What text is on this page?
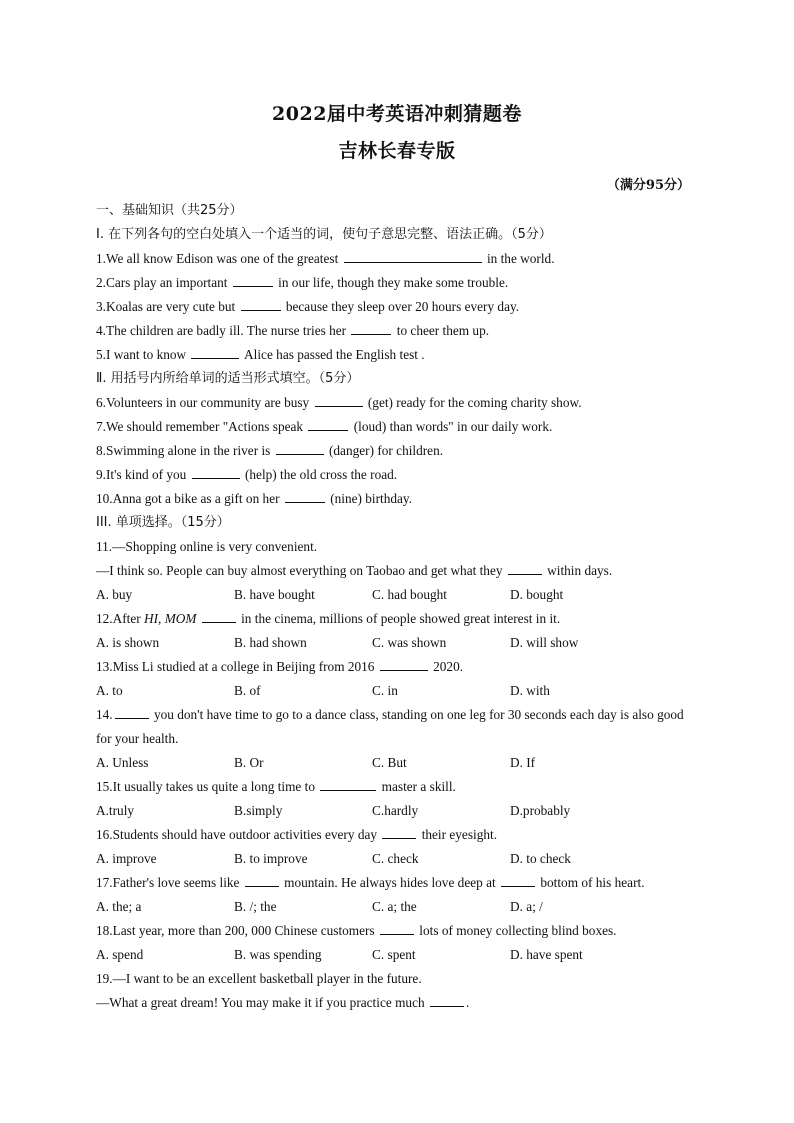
2022届中考英语冲刺猜题卷
吉林长春专版
（满分95分）
一、基础知识（共25分）
Ⅰ. 在下列各句的空白处填入一个适当的词，使句子意思完整、语法正确。（5分）
1.We all know Edison was one of the greatest	in the world.
2.Cars play an important	in our life, though they make some trouble.
3.Koalas are very cute but	because they sleep over 20 hours every day.
4.The children are badly ill. The nurse tries her	to cheer them up.
5.I want to know	Alice has passed the English test .
Ⅱ. 用括号内所给单词的适当形式填空。（5分）
6.Volunteers in our community are busy	(get) ready for the coming charity show.
7.We should remember "Actions speak	(loud) than words" in our daily work.
8.Swimming alone in the river is	(danger) for children.
9.It's kind of you	(help) the old cross the road.
10.Anna got a bike as a gift on her	(nine) birthday.
III. 单项选择。（15分）
11.—Shopping online is very convenient.
—I think so. People can buy almost everything on Taobao and get what they	within days.
A. buy	B. have bought	C. had bought	D. bought
12.After HI, MOM	in the cinema, millions of people showed great interest in it.
A. is shown	B. had shown	C. was shown	D. will show
13.Miss Li studied at a college in Beijing from 2016	2020.
A. to	B. of	C. in	D. with
14.	you don't have time to go to a dance class, standing on one leg for 30 seconds each day is also good for your health.
A. Unless	B. Or	C. But	D. If
15.It usually takes us quite a long time to	master a skill.
A.truly	B.simply	C.hardly	D.probably
16.Students should have outdoor activities every day	their eyesight.
A. improve	B. to improve	C. check	D. to check
17.Father's love seems like	mountain. He always hides love deep at	bottom of his heart.
A. the; a	B. /; the	C. a; the	D. a; /
18.Last year, more than 200, 000 Chinese customers	lots of money collecting blind boxes.
A. spend	B. was spending	C. spent	D. have spent
19.—I want to be an excellent basketball player in the future.
—What a great dream! You may make it if you practice much	.
